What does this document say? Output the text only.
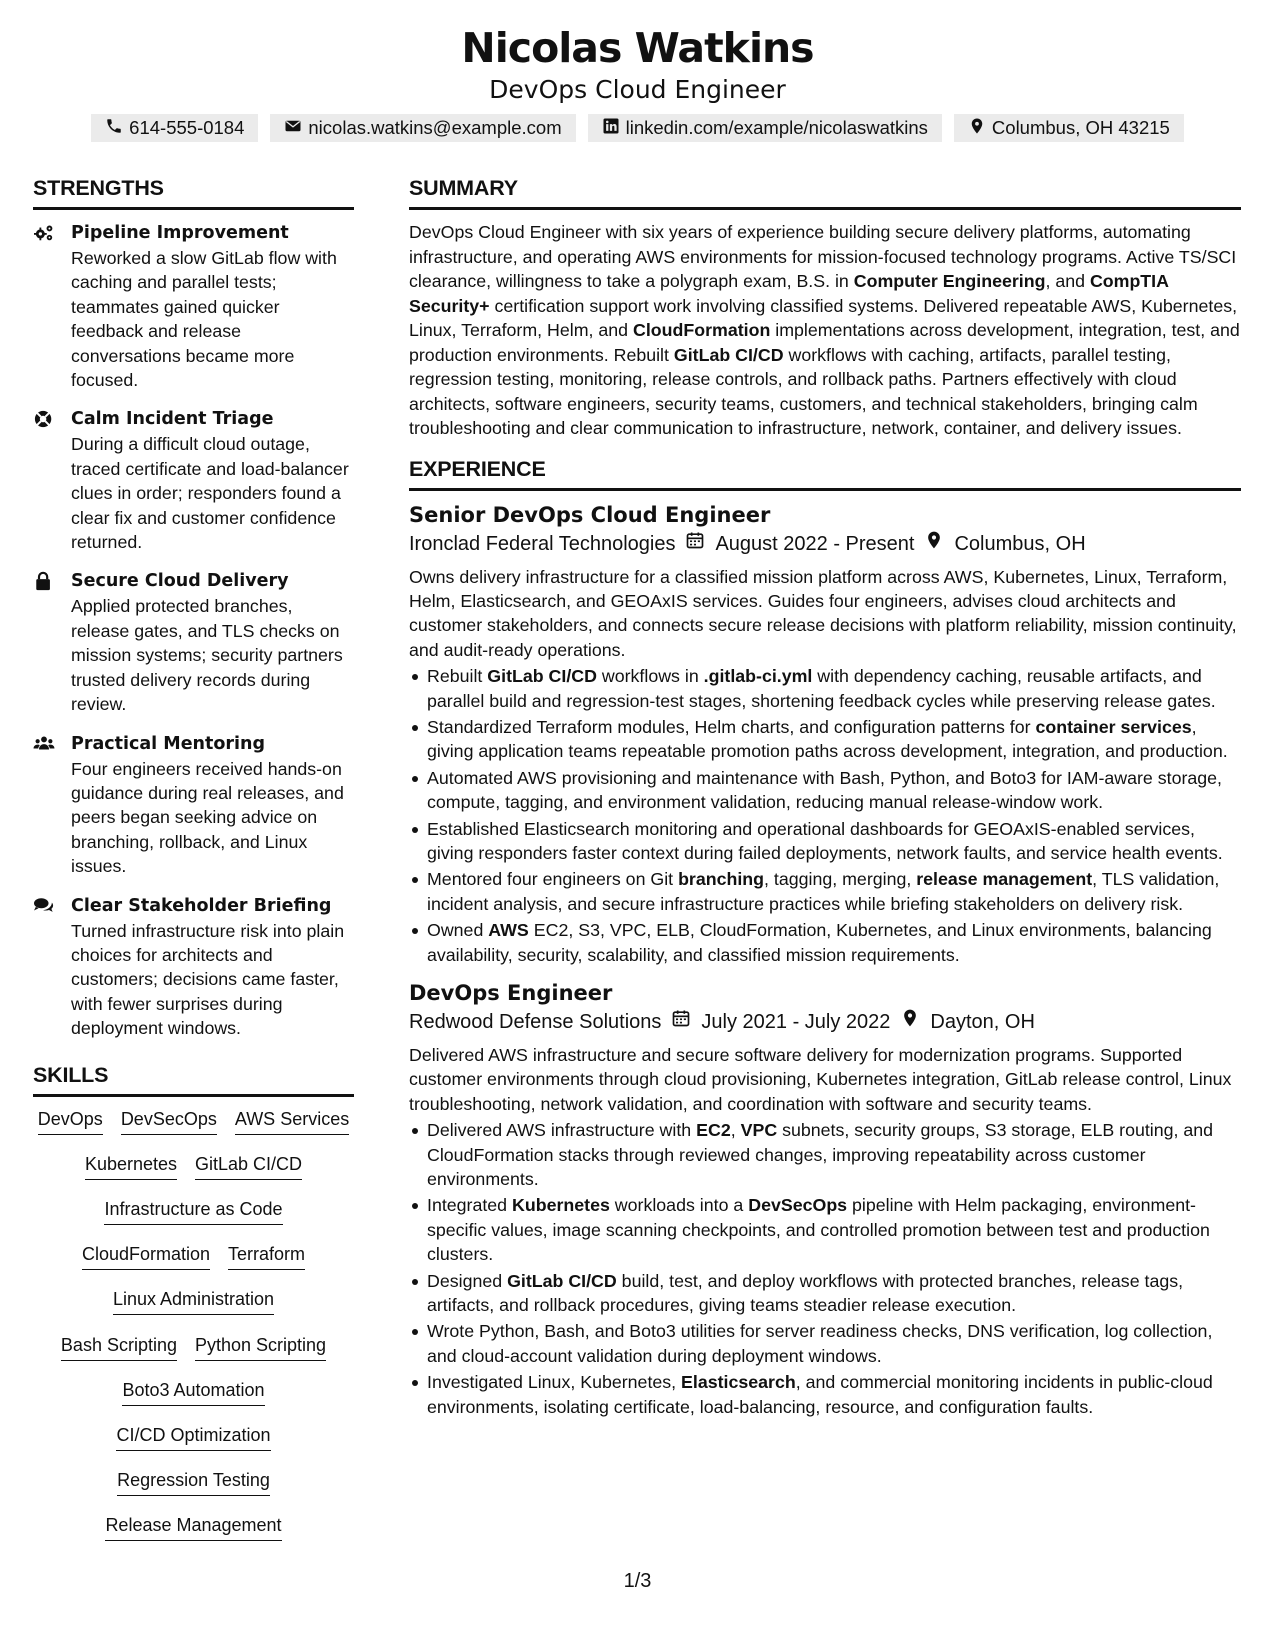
Nicolas Watkins
DevOps Cloud Engineer
614-555-0184	nicolas.watkins@example.com	linkedin.com/example/nicolaswatkins	Columbus, OH 43215
STRENGTHS
Pipeline Improvement
Reworked a slow GitLab flow with caching and parallel tests; teammates gained quicker feedback and release conversations became more focused.
Calm Incident Triage
During a difficult cloud outage, traced certificate and load-balancer clues in order; responders found a clear fix and customer confidence returned.
Secure Cloud Delivery
Applied protected branches, release gates, and TLS checks on mission systems; security partners trusted delivery records during review.
Practical Mentoring
Four engineers received hands-on guidance during real releases, and peers began seeking advice on branching, rollback, and Linux issues.
Clear Stakeholder Briefing
Turned infrastructure risk into plain choices for architects and customers; decisions came faster, with fewer surprises during deployment windows.
SKILLS
DevOps DevSecOps AWS Services
Kubernetes GitLab CI/CD
Infrastructure as Code
CloudFormation Terraform
Linux Administration
Bash Scripting Python Scripting
Boto3 Automation
CI/CD Optimization
Regression Testing
Release Management
SUMMARY
DevOps Cloud Engineer with six years of experience building secure delivery platforms, automating infrastructure, and operating AWS environments for mission-focused technology programs. Active TS/SCI clearance, willingness to take a polygraph exam, B.S. in Computer Engineering, and CompTIA Security+ certification support work involving classified systems. Delivered repeatable AWS, Kubernetes, Linux, Terraform, Helm, and CloudFormation implementations across development, integration, test, and production environments. Rebuilt GitLab CI/CD workflows with caching, artifacts, parallel testing, regression testing, monitoring, release controls, and rollback paths. Partners effectively with cloud architects, software engineers, security teams, customers, and technical stakeholders, bringing calm troubleshooting and clear communication to infrastructure, network, container, and delivery issues.
EXPERIENCE
Senior DevOps Cloud Engineer
Ironclad Federal Technologies August 2022 - Present Columbus, OH
Owns delivery infrastructure for a classified mission platform across AWS, Kubernetes, Linux, Terraform, Helm, Elasticsearch, and GEOAxIS services. Guides four engineers, advises cloud architects and customer stakeholders, and connects secure release decisions with platform reliability, mission continuity, and audit-ready operations.
Rebuilt GitLab CI/CD workflows in .gitlab-ci.yml with dependency caching, reusable artifacts, and parallel build and regression-test stages, shortening feedback cycles while preserving release gates.
Standardized Terraform modules, Helm charts, and configuration patterns for container services, giving application teams repeatable promotion paths across development, integration, and production.
Automated AWS provisioning and maintenance with Bash, Python, and Boto3 for IAM-aware storage, compute, tagging, and environment validation, reducing manual release-window work.
Established Elasticsearch monitoring and operational dashboards for GEOAxIS-enabled services, giving responders faster context during failed deployments, network faults, and service health events.
Mentored four engineers on Git branching, tagging, merging, release management, TLS validation, incident analysis, and secure infrastructure practices while briefing stakeholders on delivery risk.
Owned AWS EC2, S3, VPC, ELB, CloudFormation, Kubernetes, and Linux environments, balancing availability, security, scalability, and classified mission requirements.
DevOps Engineer
Redwood Defense Solutions July 2021 - July 2022 Dayton, OH
Delivered AWS infrastructure and secure software delivery for modernization programs. Supported customer environments through cloud provisioning, Kubernetes integration, GitLab release control, Linux troubleshooting, network validation, and coordination with software and security teams.
Delivered AWS infrastructure with EC2, VPC subnets, security groups, S3 storage, ELB routing, and CloudFormation stacks through reviewed changes, improving repeatability across customer environments.
Integrated Kubernetes workloads into a DevSecOps pipeline with Helm packaging, environment-specific values, image scanning checkpoints, and controlled promotion between test and production clusters.
Designed GitLab CI/CD build, test, and deploy workflows with protected branches, release tags, artifacts, and rollback procedures, giving teams steadier release execution.
Wrote Python, Bash, and Boto3 utilities for server readiness checks, DNS verification, log collection, and cloud-account validation during deployment windows.
Investigated Linux, Kubernetes, Elasticsearch, and commercial monitoring incidents in public-cloud environments, isolating certificate, load-balancing, resource, and configuration faults.
1/3
